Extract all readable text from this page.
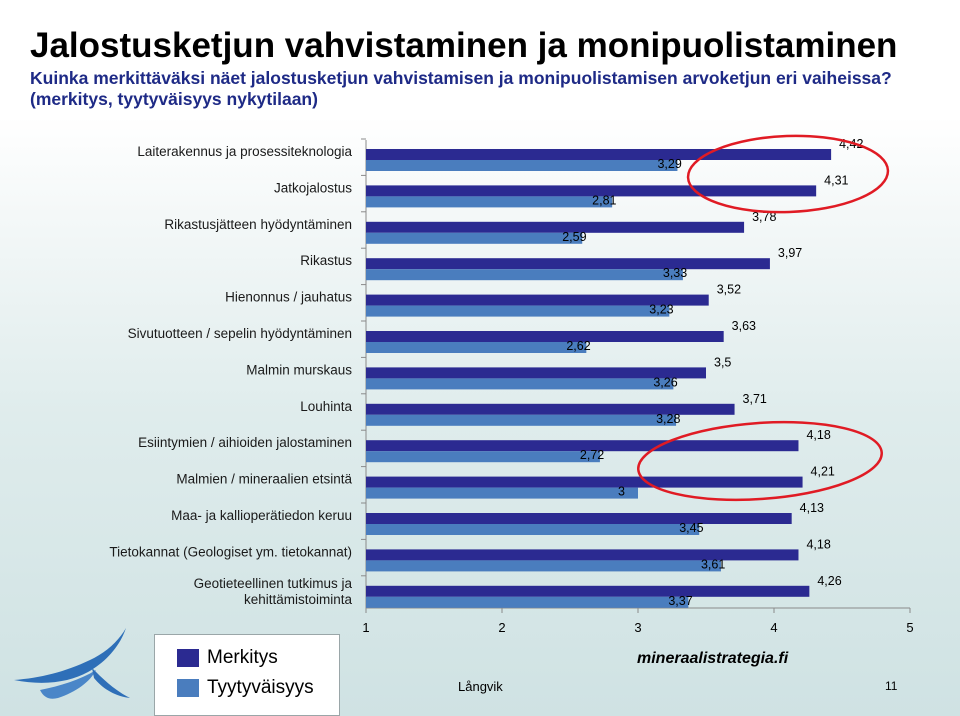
Jalostusketjun vahvistaminen ja monipuolistaminen
Kuinka merkittäväksi näet jalostusketjun vahvistamisen ja monipuolistamisen arvoketjun eri vaiheissa?
(merkitys, tyytyväisyys nykytilaan)
1	2	3	4	5
Laiterakennus ja prosessiteknologia	4,42
3,29
Jatkojalostus	4,31
2,81
Rikastusjätteen hyödyntäminen	3,78
2,59
Rikastus	3,97
3,33
Hienonnus / jauhatus	3,52
3,23
Sivutuotteen / sepelin hyödyntäminen	3,63
2,62
Malmin murskaus	3,5
3,26
Louhinta	3,71
3,28
Esiintymien / aihioiden jalostaminen	4,18
2,72
Malmien / mineraalien etsintä	4,21
3
Maa- ja kallioperätiedon keruu	4,13
3,45
Tietokannat (Geologiset ym. tietokannat)	4,18
3,61
Geotieteellinen tutkimus ja
kehittämistoiminta
4,26
3,37
Merkitys
Tyytyväisyys	Långvik
mineraalistrategia.fi
11
